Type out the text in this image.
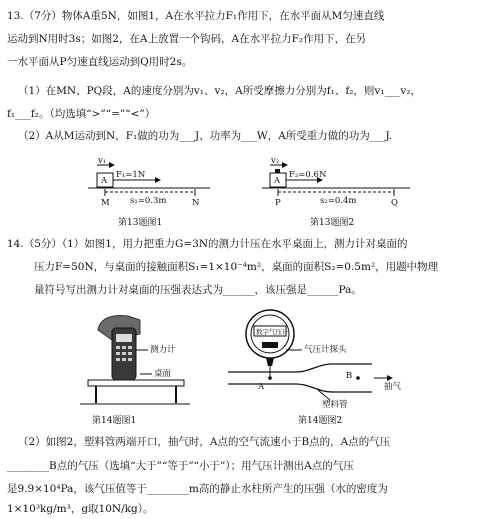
13.（7分）物体A重5N，如图1，A在水平拉力F₁作用下，在水平面从M匀速直线
运动到N用时3s；如图2，在A上放置一个钩码，A在水平拉力F₂作用下，在另
一水平面从P匀速直线运动到Q用时2s。
（1）在MN、PQ段，A的速度分别为v₁、v₂，A所受摩擦力分别为f₁、f₂，则v₁___v₂，
f₁___f₂。（均选填“>”“=”“<”）
（2）A从M运动到N，F₁做的功为___J、功率为___W，A所受重力做的功为___J.
v₁
A
F₁=1N
s₁=0.3m
M	N
第13题图1
v₂
A
F₂=0.6N
s₂=0.4m
P	Q
第13题图2
14.（5分）（1）如图1，用力把重力G=3N的测力计压在水平桌面上，测力计对桌面的
压力F=50N，与桌面的接触面积S₁=1×10⁻⁴m²，桌面的面积S₂=0.5m²，用题中物理
量符号写出测力计对桌面的压强表达式为______，该压强是______Pa。
测力计
桌面
第14题图1
数字气压计
气压计探头
A
B
抽气
塑料管
第14题图2
（2）如图2，塑料管两端开口，抽气时，A点的空气流速小于B点的，A点的气压
________B点的气压（选填“大于”“等于”“小于”）；用气压计测出A点的气压
是9.9×10⁴Pa，该气压值等于________m高的静止水柱所产生的压强（水的密度为
1×10³kg/m³，g取10N/kg）。
